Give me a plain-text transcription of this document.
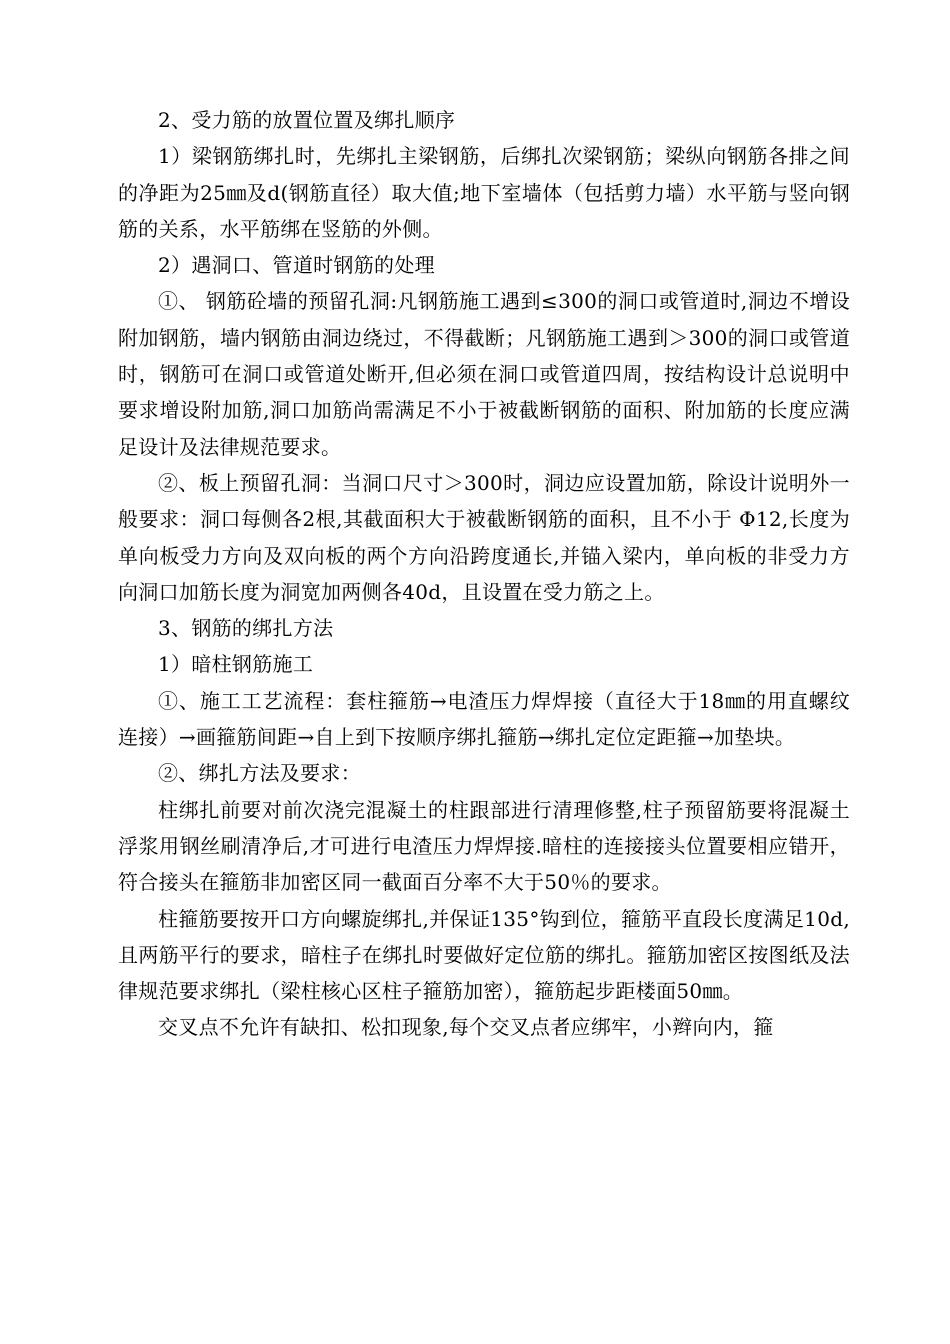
2、受力筋的放置位置及绑扎顺序

1）梁钢筋绑扎时，先绑扎主梁钢筋，后绑扎次梁钢筋；梁纵向钢筋各排之间的净距为25㎜及d(钢筋直径）取大值;地下室墙体（包括剪力墙）水平筋与竖向钢筋的关系，水平筋绑在竖筋的外侧。

2）遇洞口、管道时钢筋的处理

①、 钢筋砼墙的预留孔洞:凡钢筋施工遇到≤300的洞口或管道时,洞边不增设附加钢筋，墙内钢筋由洞边绕过，不得截断；凡钢筋施工遇到＞300的洞口或管道时，钢筋可在洞口或管道处断开,但必须在洞口或管道四周，按结构设计总说明中要求增设附加筋,洞口加筋尚需满足不小于被截断钢筋的面积、附加筋的长度应满足设计及法律规范要求。

②、板上预留孔洞：当洞口尺寸＞300时，洞边应设置加筋，除设计说明外一般要求：洞口每侧各2根,其截面积大于被截断钢筋的面积，且不小于 Φ12,长度为单向板受力方向及双向板的两个方向沿跨度通长,并锚入梁内，单向板的非受力方向洞口加筋长度为洞宽加两侧各40d，且设置在受力筋之上。

3、钢筋的绑扎方法

1）暗柱钢筋施工

①、施工工艺流程：套柱箍筋→电渣压力焊焊接（直径大于18㎜的用直螺纹连接）→画箍筋间距→自上到下按顺序绑扎箍筋→绑扎定位定距箍→加垫块。

②、绑扎方法及要求：

柱绑扎前要对前次浇完混凝土的柱跟部进行清理修整,柱子预留筋要将混凝土浮浆用钢丝刷清净后,才可进行电渣压力焊焊接.暗柱的连接接头位置要相应错开，符合接头在箍筋非加密区同一截面百分率不大于50％的要求。

柱箍筋要按开口方向螺旋绑扎,并保证135°钩到位，箍筋平直段长度满足10d,且两筋平行的要求，暗柱子在绑扎时要做好定位筋的绑扎。箍筋加密区按图纸及法律规范要求绑扎（梁柱核心区柱子箍筋加密），箍筋起步距楼面50㎜。

交叉点不允许有缺扣、松扣现象,每个交叉点者应绑牢，小辫向内，箍
